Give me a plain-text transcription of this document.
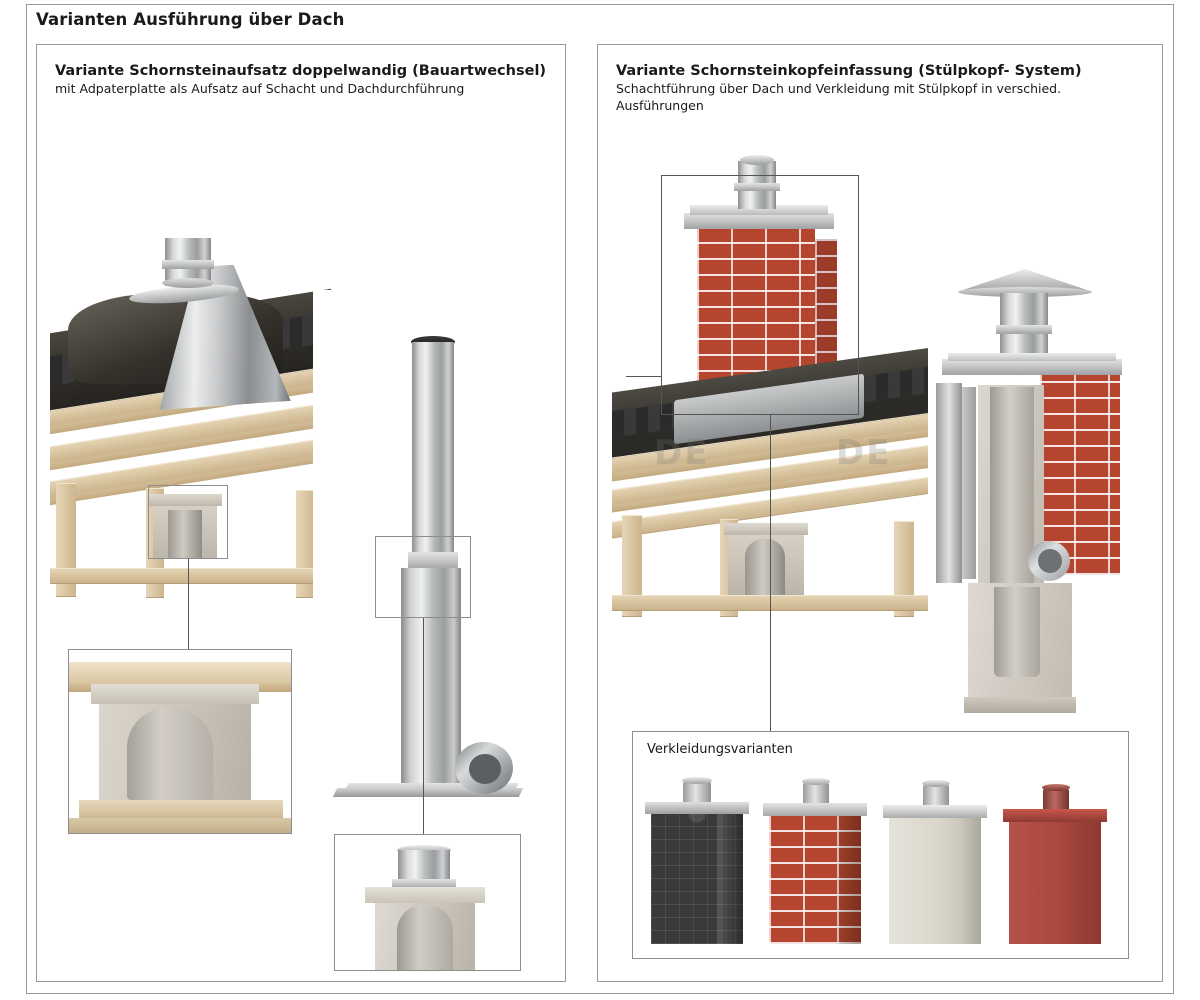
Varianten Ausführung über Dach
Variante Schornsteinaufsatz doppelwandig (Bauartwechsel)

mit Adpaterplatte als Aufsatz auf Schacht und Dachdurchführung

Variante Schornsteinkopfeinfassung (Stülpkopf- System)

Schachtführung über Dach und Verkleidung mit Stülpkopf in verschied. Ausführungen

DE	DE
Verkleidungsvarianten
